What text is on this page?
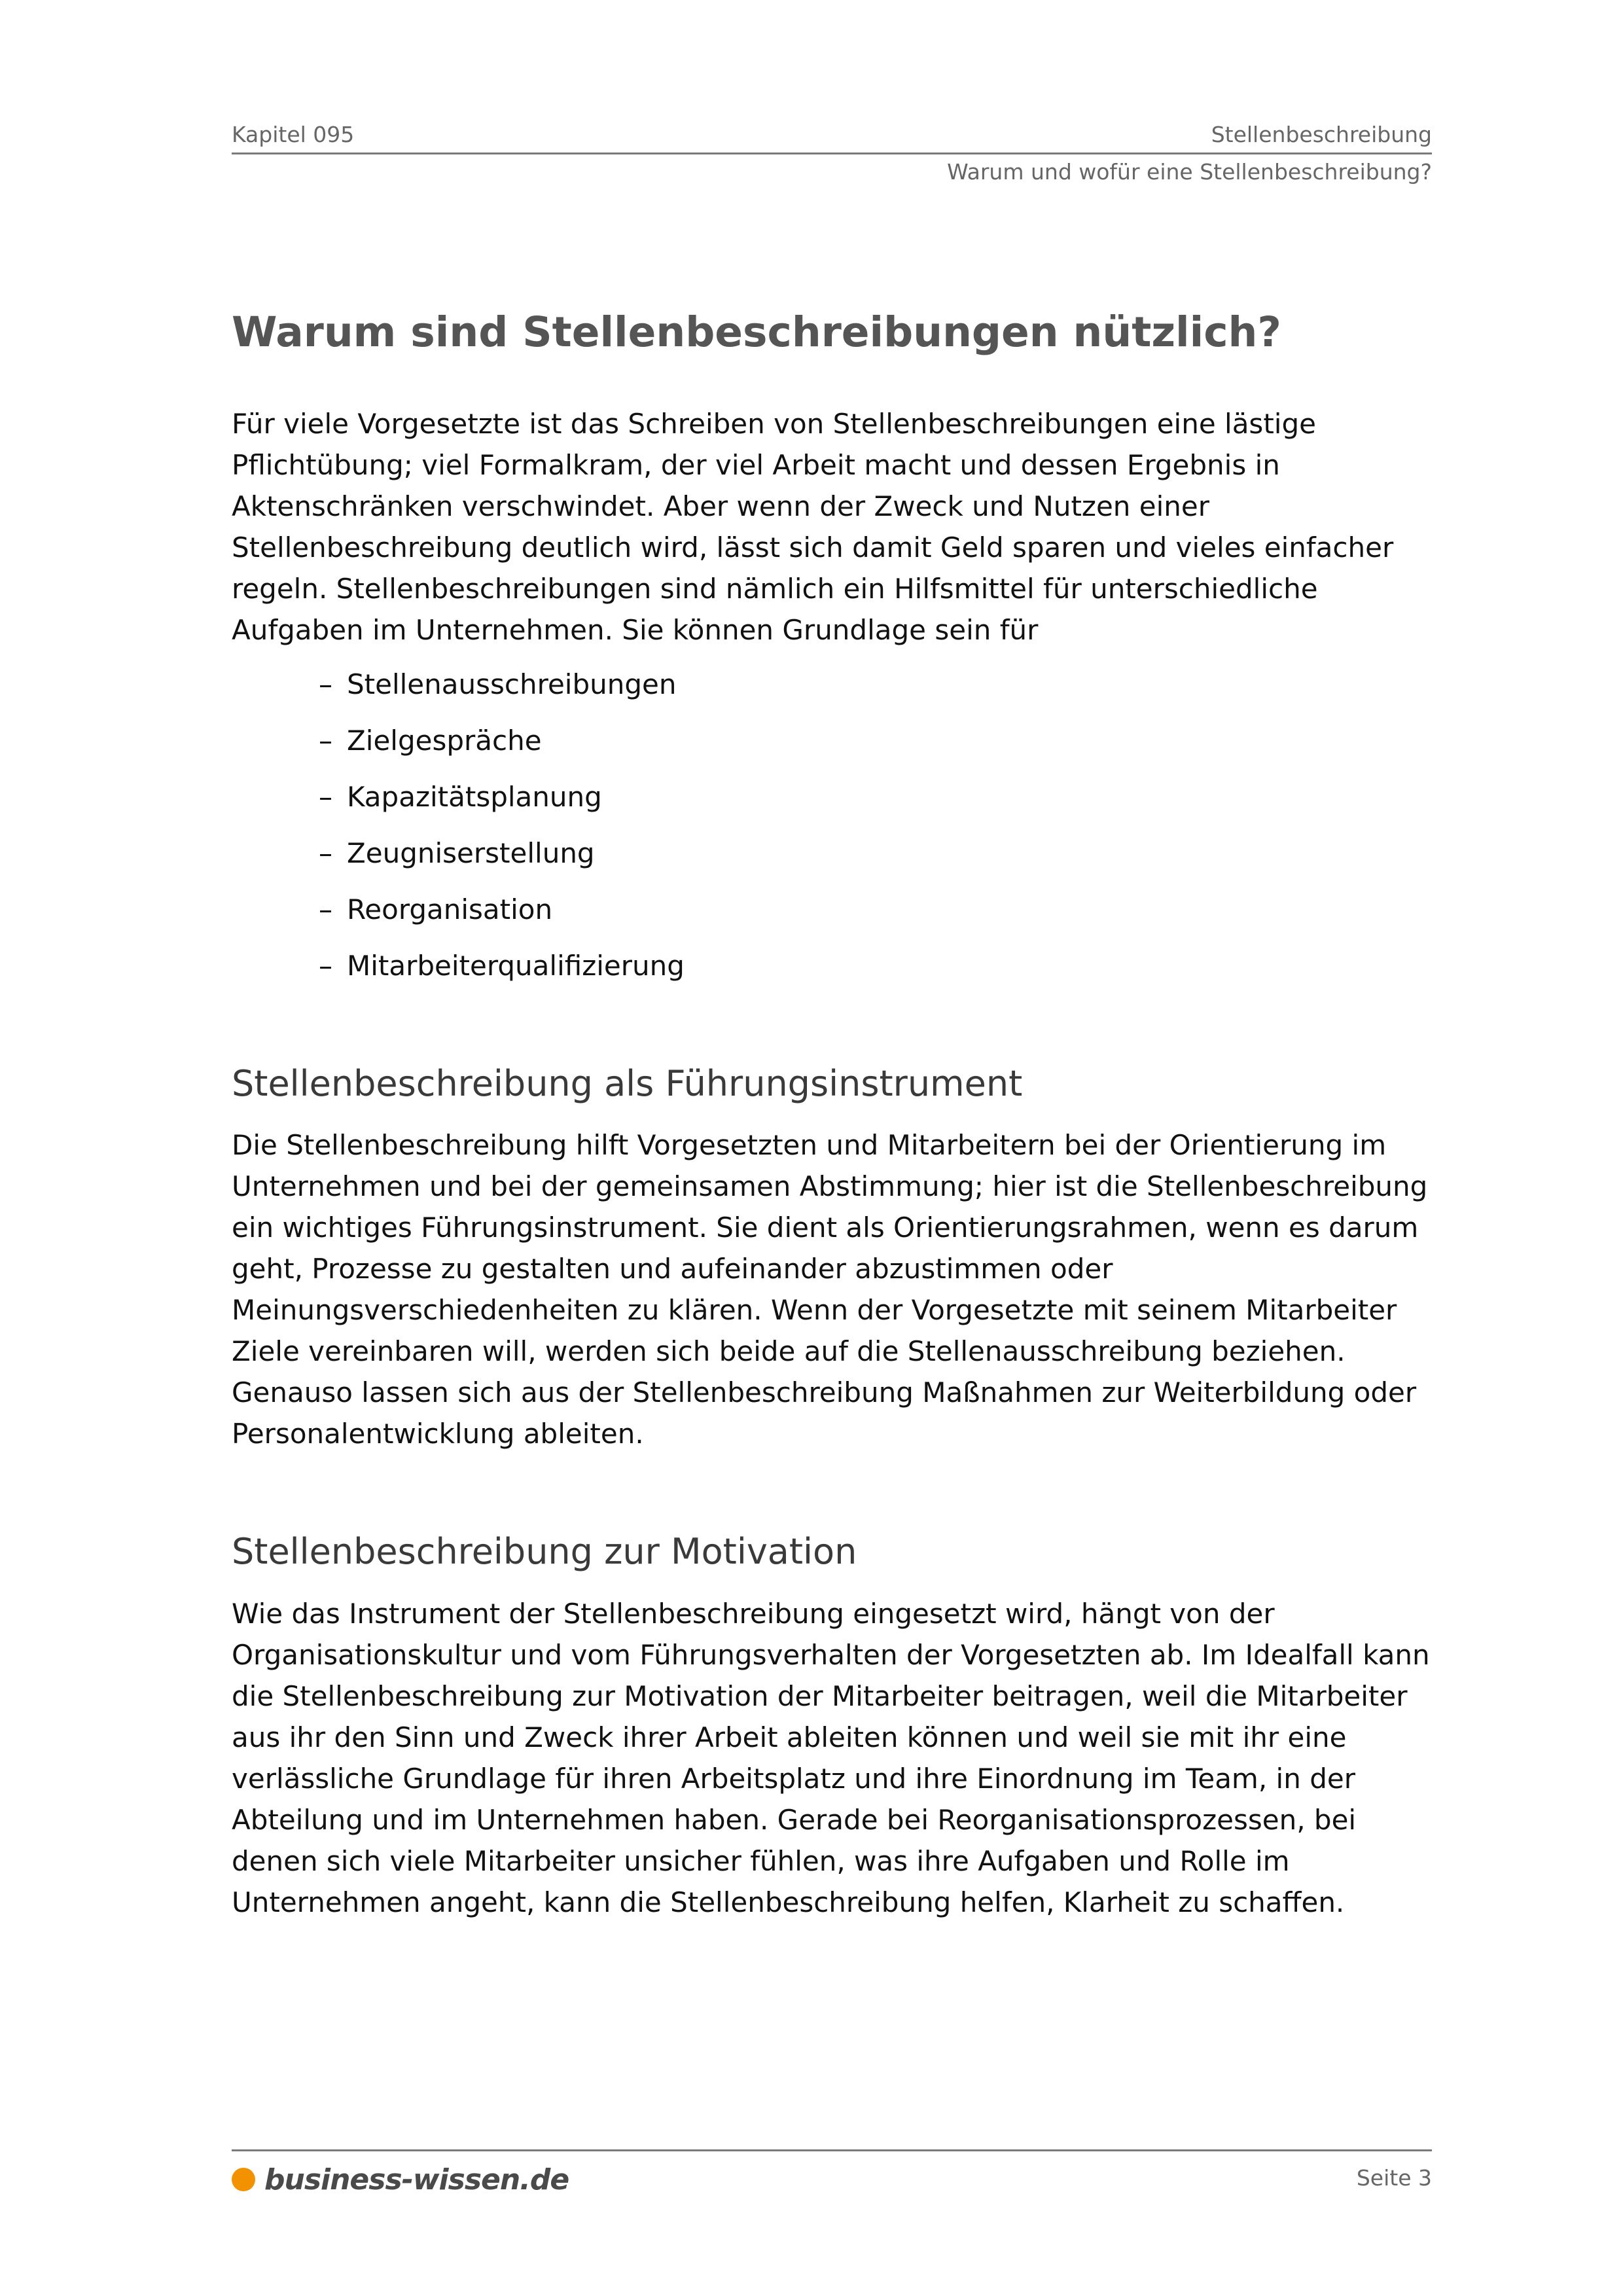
Kapitel 095	Stellenbeschreibung
Warum und wofür eine Stellenbeschreibung?
Warum sind Stellenbeschreibungen nützlich?

Für viele Vorgesetzte ist das Schreiben von Stellenbeschreibungen eine lästige Pflichtübung; viel Formalkram, der viel Arbeit macht und dessen Ergebnis in Aktenschränken verschwindet. Aber wenn der Zweck und Nutzen einer Stellenbeschreibung deutlich wird, lässt sich damit Geld sparen und vieles einfacher regeln. Stellenbeschreibungen sind nämlich ein Hilfsmittel für unterschiedliche Aufgaben im Unternehmen. Sie können Grundlage sein für

– Stellenausschreibungen
– Zielgespräche
– Kapazitätsplanung
– Zeugniserstellung
– Reorganisation
– Mitarbeiterqualifizierung
Stellenbeschreibung als Führungsinstrument

Die Stellenbeschreibung hilft Vorgesetzten und Mitarbeitern bei der Orientierung im Unternehmen und bei der gemeinsamen Abstimmung; hier ist die Stellenbeschreibung ein wichtiges Führungsinstrument. Sie dient als Orientierungsrahmen, wenn es darum geht, Prozesse zu gestalten und aufeinander abzustimmen oder Meinungsverschiedenheiten zu klären. Wenn der Vorgesetzte mit seinem Mitarbeiter Ziele vereinbaren will, werden sich beide auf die Stellenausschreibung beziehen. Genauso lassen sich aus der Stellenbeschreibung Maßnahmen zur Weiterbildung oder Personalentwicklung ableiten.

Stellenbeschreibung zur Motivation

Wie das Instrument der Stellenbeschreibung eingesetzt wird, hängt von der Organisationskultur und vom Führungsverhalten der Vorgesetzten ab. Im Idealfall kann die Stellenbeschreibung zur Motivation der Mitarbeiter beitragen, weil die Mitarbeiter aus ihr den Sinn und Zweck ihrer Arbeit ableiten können und weil sie mit ihr eine verlässliche Grundlage für ihren Arbeitsplatz und ihre Einordnung im Team, in der Abteilung und im Unternehmen haben. Gerade bei Reorganisationsprozessen, bei denen sich viele Mitarbeiter unsicher fühlen, was ihre Aufgaben und Rolle im Unternehmen angeht, kann die Stellenbeschreibung helfen, Klarheit zu schaffen.

business-wissen.de	Seite 3
